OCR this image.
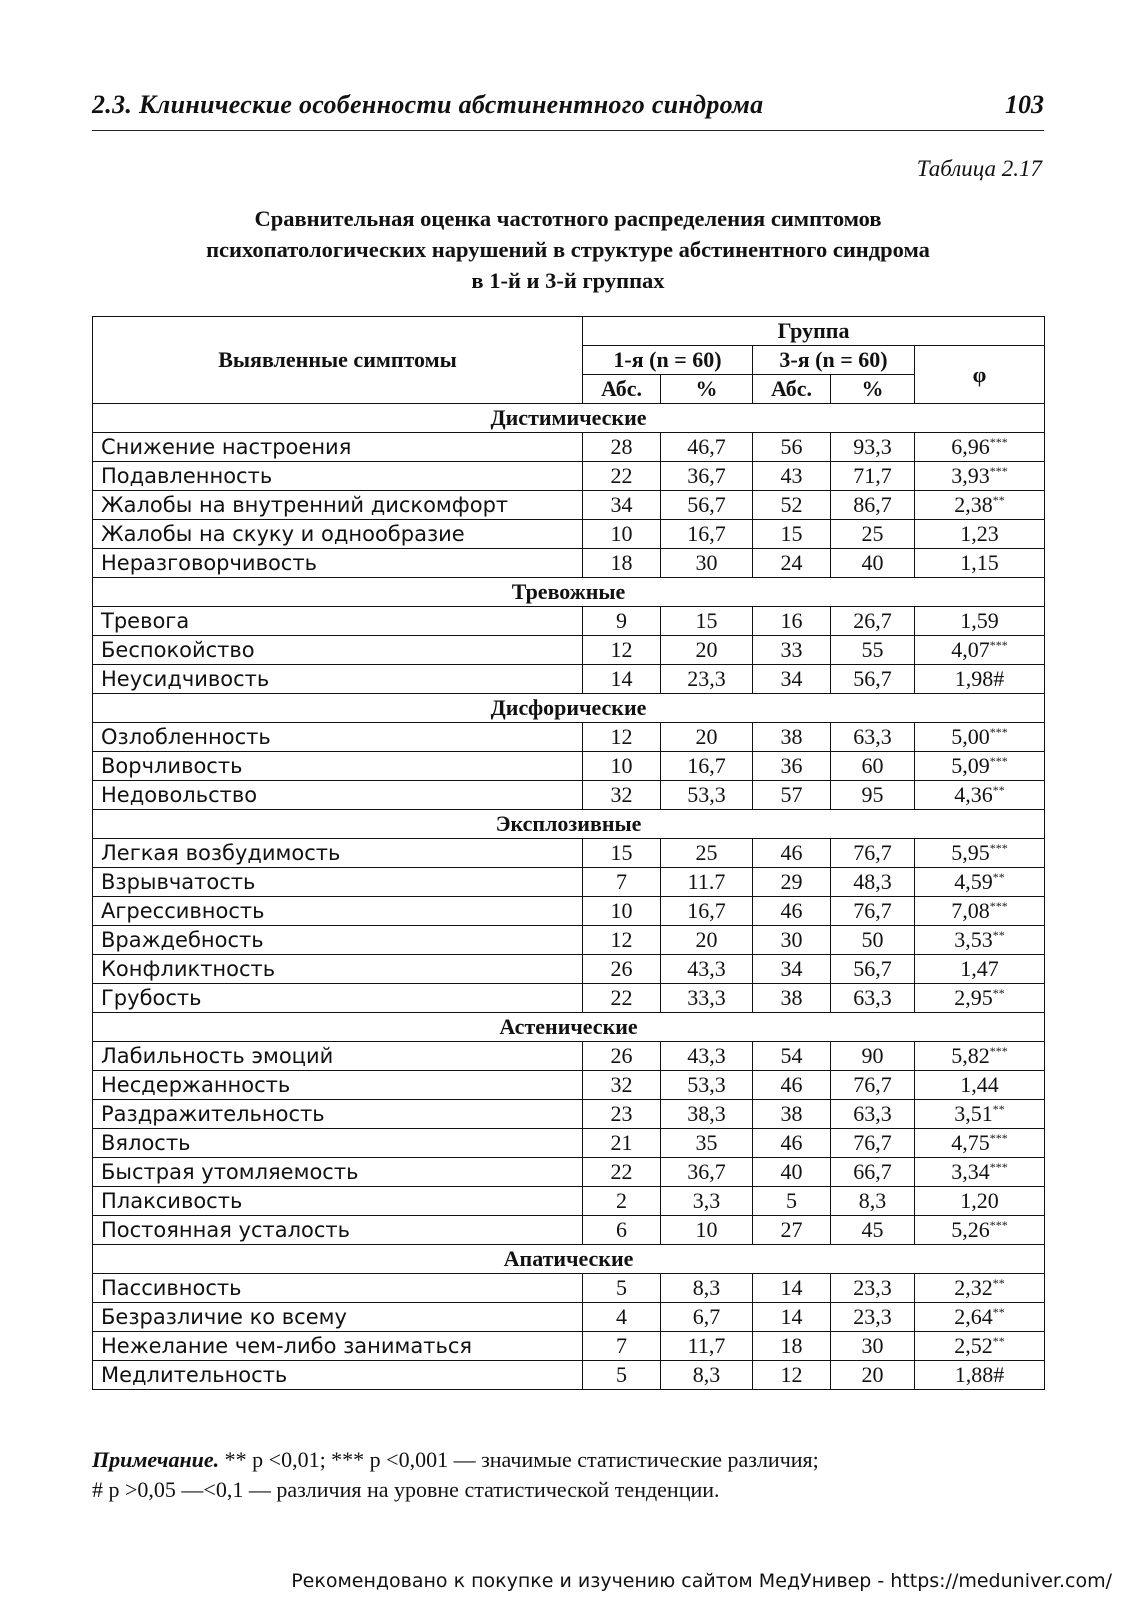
2.3. Клинические особенности абстинентного синдрома	103
Таблица 2.17
Сравнительная оценка частотного распределения симптомов
психопатологических нарушений в структуре абстинентного синдрома
в 1-й и 3-й группах
Выявленные симптомы	Группа				
	1-я (n = 60)		3-я (n = 60)		φ
	Абс.	%	Абс.	%	
Дистимические					
Снижение настроения	28	46,7	56	93,3	6,96***
Подавленность	22	36,7	43	71,7	3,93***
Жалобы на внутренний дискомфорт	34	56,7	52	86,7	2,38**
Жалобы на скуку и однообразие	10	16,7	15	25	1,23
Неразговорчивость	18	30	24	40	1,15
Тревожные					
Тревога	9	15	16	26,7	1,59
Беспокойство	12	20	33	55	4,07***
Неусидчивость	14	23,3	34	56,7	1,98#
Дисфорические					
Озлобленность	12	20	38	63,3	5,00***
Ворчливость	10	16,7	36	60	5,09***
Недовольство	32	53,3	57	95	4,36**
Эксплозивные					
Легкая возбудимость	15	25	46	76,7	5,95***
Взрывчатость	7	11.7	29	48,3	4,59**
Агрессивность	10	16,7	46	76,7	7,08***
Враждебность	12	20	30	50	3,53**
Конфликтность	26	43,3	34	56,7	1,47
Грубость	22	33,3	38	63,3	2,95**
Астенические					
Лабильность эмоций	26	43,3	54	90	5,82***
Несдержанность	32	53,3	46	76,7	1,44
Раздражительность	23	38,3	38	63,3	3,51**
Вялость	21	35	46	76,7	4,75***
Быстрая утомляемость	22	36,7	40	66,7	3,34***
Плаксивость	2	3,3	5	8,3	1,20
Постоянная усталость	6	10	27	45	5,26***
Апатические					
Пассивность	5	8,3	14	23,3	2,32**
Безразличие ко всему	4	6,7	14	23,3	2,64**
Нежелание чем-либо заниматься	7	11,7	18	30	2,52**
Медлительность	5	8,3	12	20	1,88#
Примечание. ** p <0,01; *** p <0,001 — значимые статистические различия;
# p >0,05 —<0,1 — различия на уровне статистической тенденции.
Рекомендовано к покупке и изучению сайтом МедУнивер - https://meduniver.com/
